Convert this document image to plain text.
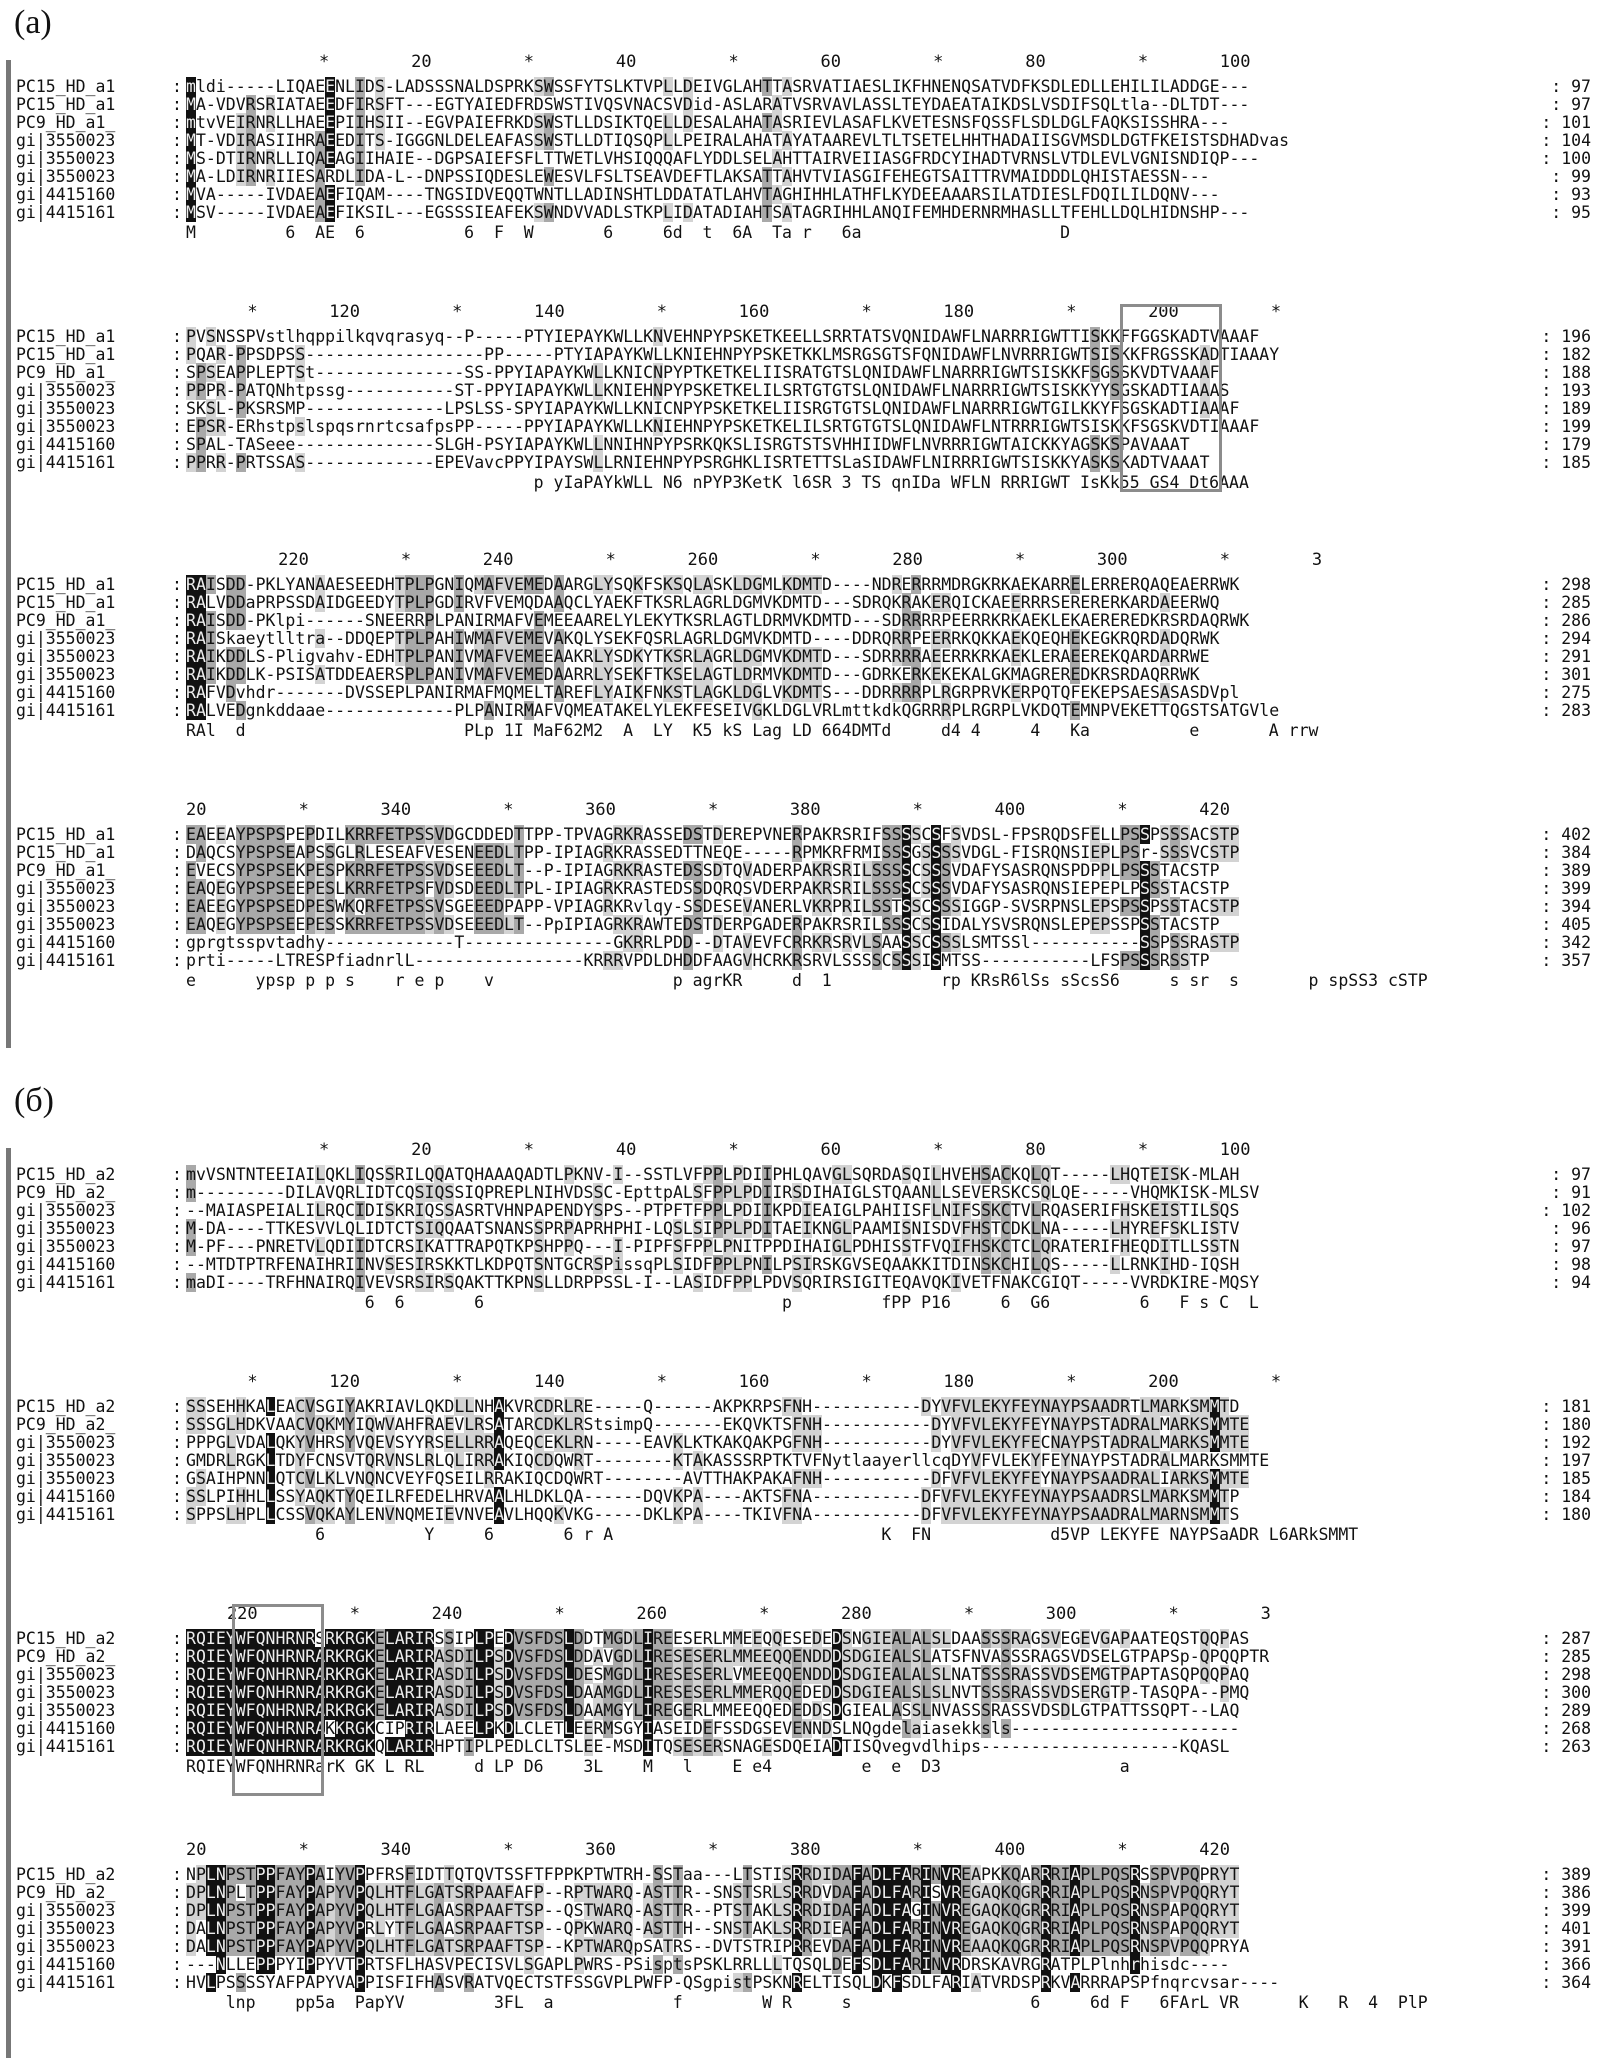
(a)
*        20         *        40         *        60         *        80         *       100
PC15_HD_a1	: mldi-----LIQAEENLIDS-LADSSSNALDSPRKSWSSFYTSLKTVPLLDEIVGLAHTTASRVATIAESLIKFHNENQSATVDFKSDLEDLLEHILILADDGE---	: 97
PC15_HD_a1	: MA-VDVRSRIATAEEDFIRSFT---EGTYAIEDFRDSWSTIVQSVNACSVDid-ASLARATVSRVAVLASSLTEYDAEATAIKDSLVSDIFSQLtla--DLTDT---	: 97
PC9_HD_a1_	: mtvVEIRNRLLHAEEPIIHSII--EGVPAIEFRKDSWSTLLDSIKTQELLDESALAHATASRIEVLASAFLKVETESNSFQSSFLSDLDGLFAQKSISSHRA---	: 101
gi|3550023	: MT-VDIRASIIHRAEEDITS-IGGGNLDELEAFASSWSTLLDTIQSQPLLPEIRALAHATAYATAAREVLTLTSETELHHTHADAIISGVMSDLDGTFKEISTSDHADvas	: 104
gi|3550023	: MS-DTIRNRLLIQAEAGIIHAIE--DGPSAIEFSFLTTWETLVHSIQQQAFLYDDLSELAHTTAIRVEIIASGFRDCYIHADTVRNSLVTDLEVLVGNISNDIQP---	: 100
gi|3550023	: MA-LDIRNRIIESARDLIDA-L--DNPSSIQDESLEWESVLFSLTSEAVDEFTLAKSATTAHVTVIASGIFEHEGTSAITTRVMAIDDDLQHISTAESSN---	: 99
gi|4415160	: MVA-----IVDAEAEFIQAM----TNGSIDVEQQTWNTLLADINSHTLDDATATLAHVTAGHIHHLATHFLKYDEEAAARSILATDIESLFDQILILDQNV---	: 93
gi|4415161	: MSV-----IVDAEAEFIKSIL---EGSSSIEAFEKSWNDVVADLSTKPLIDATADIAHTSATAGRIHHLANQIFEMHDERNRMHASLLTFEHLLDQLHIDNSHP---	: 95
M         6  AE  6          6  F  W       6     6d  t  6A  Ta r   6a                    D
*       120         *       140         *       160         *       180         *       200         *
PC15_HD_a1	: PVSNSSPVstlhqppilkqvqrasyq--P-----PTYIEPAYKWLLKNVEHNPYPSKETKEELLSRRTATSVQNIDAWFLNARRRIGWTTISKKFFGGSKADTVAAAF	: 196
PC15_HD_a1	: PQAR-PPSDPSS------------------PP-----PTYIAPAYKWLLKNIEHNPYPSKETKKLMSRGSGTSFQNIDAWFLNVRRRIGWTSISKKFRGSSKADTIAAAY	: 182
PC9_HD_a1_	: SPSEAPPLEPTSt---------------SS-PPYIAPAYKWLLKNICNPYPTKETKELIISRATGTSLQNIDAWFLNARRRIGWTSISKKFSGSSKVDTVAAAF	: 188
gi|3550023	: PPPR-PATQNhtpssg-----------ST-PPYIAPAYKWLLKNIEHNPYPSKETKELILSRTGTGTSLQNIDAWFLNARRRIGWTSISKKYYSGSKADTIAAAS	: 193
gi|3550023	: SKSL-PKSRSMP--------------LPSLSS-SPYIAPAYKWLLKNICNPYPSKETKELIISRGTGTSLQNIDAWFLNARRRIGWTGILKKYFSGSKADTIAAAF	: 189
gi|3550023	: EPSR-ERhstpslspqsrnrtcsafpsPP-----PPYIAPAYKWLLKNIEHNPYPSKETKELILSRTGTGTSLQNIDAWFLNTRRRIGWTSISKKFSGSKVDTIAAAF	: 199
gi|4415160	: SPAL-TASeee--------------SLGH-PSYIAPAYKWLLNNIHNPYPSRKQKSLISRGTSTSVHHIIDWFLNVRRRIGWTAICKKYAGSKSPAVAAAT	: 179
gi|4415161	: PPRR-PRTSSAS-------------EPEVavcPPYIPAYSWLLRNIEHNPYPSRGHKLISRTETTSLaSIDAWFLNIRRRIGWTSISKKYASKSKADTVAAAT	: 185
p yIaPAYkWLL N6 nPYP3KetK l6SR 3 TS qnIDa WFLN RRRIGWT IsKk55 GS4 Dt6AAA
220         *       240         *       260         *       280         *       300         *        3
PC15_HD_a1	: RAISDD-PKLYANAAESEEDHTPLPGNIQMAFVEMEDAARGLYSQKFSKSQLASKLDGMLKDMTD----NDRERRRMDRGKRKAEKARRELERRERQAQEAERRWK	: 298
PC15_HD_a1	: RALVDDaPRPSSDAIDGEEDYTPLPGDIRVFVEMQDAAQCLYAEKFTKSRLAGRLDGMVKDMTD---SDRQKRAKERQICKAEERRRSERERERKARDAEERWQ	: 285
PC9_HD_a1_	: RAISDD-PKlpi------SNEERRPLPANIRMAFVEMEEAARELYLEKYTKSRLAGTLDRMVKDMTD---SDRRRRPEERRKRKAEKLEKAEREREDKRSRDAQRWK	: 286
gi|3550023	: RAISkaeytlltra--DDQEPTPLPAHIWMAFVEMEVAKQLYSEKFQSRLAGRLDGMVKDMTD----DDRQRRPEERRKQKKAEKQEQHEKEGKRQRDADQRWK	: 294
gi|3550023	: RAIKDDLS-Pligvahv-EDHTPLPANIVMAFVEMEEAAKRLYSDKYTKSRLAGRLDGMVKDMTD---SDRRRRAEERRKRKAEKLERAEEREKQARDARRWE	: 291
gi|3550023	: RAIKDDLK-PSISATDDEAERSPLPANIVMAFVEMEDAARRLYSEKFTKSELAGTLDRMVKDMTD---GDRKERKEKEKALGKMAGREREDKRSRDAQRRWK	: 301
gi|4415160	: RAFVDvhdr-------DVSSEPLPANIRMAFMQMELTAREFLYAIKFNKSTLAGKLDGLVKDMTS---DDRRRRPLRGRPRVKERPQTQFEKEPSAESASASDVpl	: 275
gi|4415161	: RALVEDgnkddaae-------------PLPANIRMAFVQMEATAKELYLEKFESEIVGKLDGLVRLmttkdkQGRRRPLRGRPLVKDQTEMNPVEKETTQGSTSATGVle	: 283
RAl  d                      PLp 1I MaF62M2  A  LY  K5 kS Lag LD 664DMTd     d4 4     4   Ka          e       A rrw
20         *       340         *       360         *       380         *       400         *       420
PC15_HD_a1	: EAEEAYPSPSPEPDILKRRFETPSSVDGCDDEDTTPP-TPVAGRKRASSEDSTDEREPVNERPAKRSRIFSSSSCSFSVDSL-FPSRQDSFELLPSSPSSSACSTP	: 402
PC15_HD_a1	: DAQCSYPSPSEAPSSGLRLESEAFVESENEEDLTPP-IPIAGRKRASSEDTTNEQE-----RPMKRFRMISSSGSSSSVDGL-FISRQNSIEPLPSr-SSSVCSTP	: 384
PC9_HD_a1_	: EVECSYPSPSEKPESPKRRFETPSSVDSEEEDLT--P-IPIAGRKRASTEDSSDTQVADERPAKRSRILSSSSCSSSVDAFYSASRQNSPDPPLPSSSTACSTP	: 389
gi|3550023	: EAQEGYPSPSEEPESLKRRFETPSFVDSDEEDLTPL-IPIAGRKRASTEDSSDQRQSVDERPAKRSRILSSSSCSSSVDAFYSASRQNSIEPEPLPSSSTACSTP	: 399
gi|3550023	: EAEEGYPSPSEDPESWKQRFETPSSVSGEEEDPAPP-VPIAGRKRvlqy-SSDESEVANERLVKRPRILSSTSSCSSSIGGP-SVSRPNSLEPSPSSPSSTACSTP	: 394
gi|3550023	: EAQEGYPSPSEEPESSKRRFETPSSVDSEEEDLT--PpIPIAGRKRAWTEDSTDERPGADERPAKRSRILSSSCSSIDALYSVSRQNSLEPEPSSPSSTACSTP	: 405
gi|4415160	: gprgtsspvtadhy-------------T---------------GKRRLPDD--DTAVEVFCRRKRSRVLSAASSCSSSLSMTSSl-----------SSPSSRASTP	: 342
gi|4415161	: prti-----LTRESPfiadnrlL-----------------KRRRVPDLDHDDFAAGVHCRKRSRVLSSSSCSSSISMTSS-----------LFSPSSSRSSTP	: 357
e      ypsp p p s    r e p    v                  p agrKR     d  1           rp KRsR6lSs sScsS6     s sr  s       p spSS3 cSTP
(б)
*        20         *        40         *        60         *        80         *       100
PC15_HD_a2	: mvVSNTNTEEIAILQKLIQSSRILQQATQHAAAQADTLPKNV-I--SSTLVFPPLPDIIPHLQAVGLSQRDASQILHVEHSACKQLQT-----LHQTEISK-MLAH	: 97
PC9_HD_a2_	: m---------DILAVQRLIDTCQSIQSSIQPREPLNIHVDSSC-EpttpALSFPPLPDIIRSDIHAIGLSTQAANLLSEVERSKCSQLQE-----VHQMKISK-MLSV	: 91
gi|3550023	: --MAIASPEIALILRQCIDISKRIQSSASRTVHNPAPENDYSPS--PTPFTFPPLPDIIKPDIEAIGLPAHIISFLNIFSSKCTVLRQASERIFHSKEISTILSQS	: 102
gi|3550023	: M-DA----TTKESVVLQLIDTCTSIQQAATSNANSSPRPAPRHPHI-LQSLSIPPLPDITAEIKNGLPAAMISNISDVFHSTCDKLNA-----LHYREFSKLISTV	: 96
gi|3550023	: M-PF---PNRETVLQDIIDTCRSIKATTRAPQTKPSHPPQ---I-PIPFSFPPLPNITPPDIHAIGLPDHISSTFVQIFHSKCTCLQRATERIFHEQDITLLSSTN	: 97
gi|4415160	: --MTDTPTRFENAIHRIINVSESIRSKKTLKDPQTSNTGCRSPissqPLSIDFPPLPNILPSIRSKGVSEQAAKKITDINSKCHILQS-----LLRNKIHD-IQSH	: 98
gi|4415161	: maDI----TRFHNAIRQIVEVSRSIRSQAKTTKPNSLLDRPPSSL-I--LASIDFPPLPDVSQRIRSIGITEQAVQKIVETFNAKCGIQT-----VVRDKIRE-MQSY	: 94
6  6       6                              p         fPP P16     6  G6         6   F s C  L
*       120         *       140         *       160         *       180         *       200         *
PC15_HD_a2	: SSSEHHKALEACVSGIYAKRIAVLQKDLLNHAKVRCDRLRE-----Q------AKPKRPSFNH-----------DYVFVLEKYFEYNAYPSAADRTLMARKSMMTD	: 181
PC9_HD_a2_	: SSSGLHDKVAACVQKMYIQWVAHFRAEVLRSATARCDKLRStsimpQ-------EKQVKTSFNH-----------DYVFVLEKYFEYNAYPSTADRALMARKSMMTE	: 180
gi|3550023	: PPPGLVDALQKYVHRSYVQEVSYYRSELLRRAQEQCEKLRN-----EAVKLKTKAKQAKPGFNH-----------DYVFVLEKYFECNAYPSTADRALMARKSMMTE	: 192
gi|3550023	: GMDRLRGKLTDYFCNSVTQRVNSLRLQLIRRAKIQCDQWRT--------KTAKASSSRPTKTVFNytlaayerllcqDYVFVLEKYFEYNAYPSTADRALMARKSMMTE	: 197
gi|3550023	: GSAIHPNNLQTCVLKLVNQNCVEYFQSEILRRAKIQCDQWRT--------AVTTHAKPAKAFNH-----------DFVFVLEKYFEYNAYPSAADRALIARKSMMTE	: 185
gi|4415160	: SSLPIHHLLSSYAQKTYQEILRFEDELHRVAALHLDKLQA------DQVKPA----AKTSFNA-----------DFVFVLEKYFEYNAYPSAADRSLMARKSMMTP	: 184
gi|4415161	: SPPSLHPLLCSSVQKAYLENVNQMEIEVNVEAVLHQQKVKG-----DKLKPA----TKIVFNA-----------DFVFVLEKYFEYNAYPSAADRALMARNSMMTS	: 180
6          Y     6       6 r A                           K  FN            d5VP LEKYFE NAYPSaADR L6ARkSMMT
220         *       240         *       260         *       280         *       300         *        3
PC15_HD_a2	: RQIEYWFQNHRNRSRKRGKELARIRSSIPLPEDVSFDSLDDTMGDLIREESERLMMEEQQESEDEDSNGIEALALSLDAASSSRAGSVEGEVGAPAATEQSTQQPAS	: 287
PC9_HD_a2_	: RQIEYWFQNHRNRARKRGKELARIRASDILPSDVSFDSLDDAVGDLIRESESERLMMEEQQENDDDSDGIEALSLATSFNVASSSRAGSVDSELGTPAPSp-QPQQPTR	: 285
gi|3550023	: RQIEYWFQNHRNRARKRGKELARIRASDILPSDVSFDSLDESMGDLIRESESERLVMEEQQENDDDSDGIEALALSLNATSSSRASSVDSEMGTPAPTASQPQQPAQ	: 298
gi|3550023	: RQIEYWFQNHRNRARKRGKELARIRASDILPSDVSFDSLDAAMGDLIRESESERLMMERQQEDEDDSDGIEALSLSLNVTSSSRASSVDSERGTP-TASQPA--PMQ	: 300
gi|3550023	: RQIEYWFQNHRNRARKRGKELARIRASDILPSDVSFDSLDAAMGYLIREGERLMMEEQQEDEDDSDGIEALASSLNVASSSRASSVDSDLGTPATTSSQPT--LAQ	: 289
gi|4415160	: RQIEYWFQNHRNRAKKRGKCIPRIRLAEELPKDLCLETLEERMSGYIASEIDEFSSDGSEVENNDSLNQgdelaiasekksls-----------------------	: 268
gi|4415161	: RQIEYWFQNHRNRARKRGKQLARIRHPTIPLPEDLCLTSLEE-MSDITQSESERSNAGESDQEIADTISQvegvdlhips--------------------KQASL	: 263
RQIEYWFQNHRNRarK GK L RL     d LP D6    3L    M   l    E e4         e  e  D3                  a
20         *       340         *       360         *       380         *       400         *       420
PC15_HD_a2	: NPLNPSTPPFAYPAIYVPPFRSFIDTTQTQVTSSFTFPPKPTWTRH-SSTaa---LTSTISRRDIDAFADLFARINVREAPKKQARRRIAPLPQSRSSPVPQPRYT	: 389
PC9_HD_a2_	: DPLNPLTPPFAYPAPYVPQLHTFLGATSRPAAFAFP--RPTWARQ-ASTTR--SNSTSRLSRRDVDAFADLFARISVREGAQKQGRRRIAPLPQSRNSPVPQQRYT	: 386
gi|3550023	: DPLNPSTPPFAYPAPYVPQLHTFLGAASRPAAFTSP--QSTWARQ-ASTTR--PTSTAKLSRRDIDAFADLFAGINVREGAQKQGRRRIAPLPQSRNSPAPQQRYT	: 399
gi|3550023	: DALNPSTPPFAYPAPYVPRLYTFLGAASRPAAFTSP--QPKWARQ-ASTTH--SNSTAKLSRRDIEAFADLFARINVREGAQKQGRRRIAPLPQSRNSPAPQQRYT	: 401
gi|3550023	: DALNPSTPPFAYPAPYVPQLHTFLGATSRPAAFTSP--KPTWARQpSATRS--DVTSTRIPRREVDAFADLFARINVREAAQKQGRRRIAPLPQSRNSPVPQQPRYA	: 391
gi|4415160	: ---NLLEPPPYIPPYVTPRTSFLHASVPECISVLSGAPLPWRS-PSisptsPSKLRRLLLTQSQLDEFSDLFARINVRDRSKAVRGRATPLPlnhrhisdc----	: 366
gi|4415161	: HVLPSSSSYAFPAPYVAPPISFIFHASVRATVQECTSTFSSGVPLPWFP-QSgpistPSKNRELTISQLDKFSDLFARIATVRDSPRKVARRRAPSPfnqrcvsar----	: 364
lnp    pp5a  PapYV         3FL  a            f        W R     s                  6     6d F   6FArL VR      K   R  4  PlP
